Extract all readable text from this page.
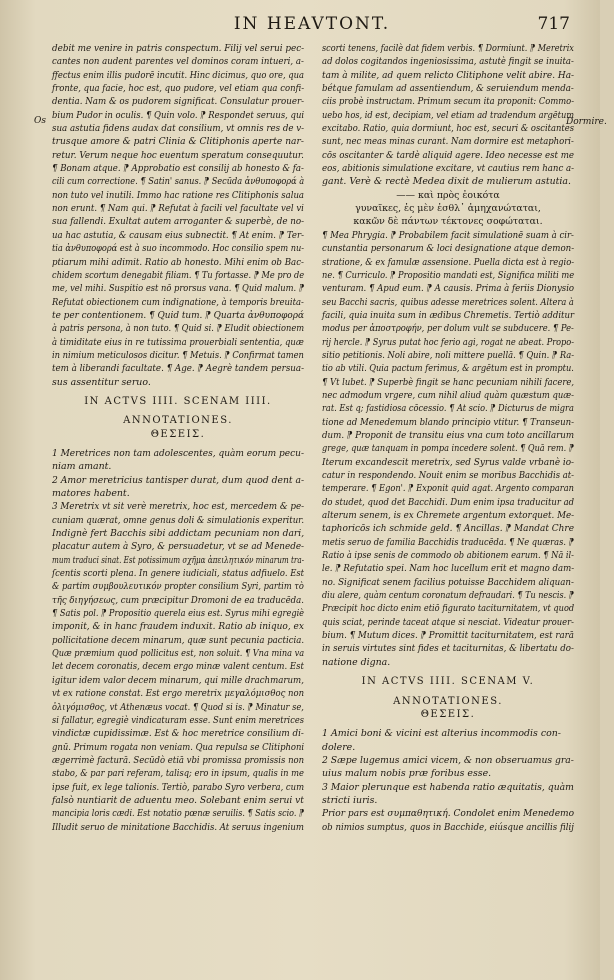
IN HEAVTONT.	717
Os	Dormire.
debit me venire in patris conspectum. Filij vel serui pec-
cantes non audent parentes vel dominos coram intueri, a-
ffectus enim illis pudorē incutit. Hinc dicimus, quo ore, qua
fronte, qua facie, hoc est, quo pudore, vel etiam qua confi-
dentia. Nam & os pudorem significat. Consulatur prouer-
bium Pudor in oculis. ¶ Quin volo. ⁋ Respondet seruus, qui
sua astutia fidens audax dat consilium, vt omnis res de v-
trusque amore & patri Clinia & Clitiphonis aperte nar-
retur. Verum neque hoc euentum speratum consequutur.
¶ Bonam atque. ⁋ Approbatio est consilij ab honesto & fa-
cili cum correctione. ¶ Satin' sanus. ⁋ Secūda ἀνθυποφορά à
non tuto vel inutili. Immo hac ratione res Clitiphonis salua
non erunt. ¶ Nam qui. ⁋ Refutat à facili vel facultate vel vi
sua fallendi. Exultat autem arroganter & superbè, de no-
ua hac astutia, & causam eius subnectit. ¶ At enim. ⁋ Ter-
tia ἀνθυποφορά est à suo incommodo. Hoc consilio spem nu-
ptiarum mihi adimit. Ratio ab honesto. Mihi enim ob Bac-
chidem scortum denegabit filiam. ¶ Tu fortasse. ⁋ Me pro de
me, vel mihi. Suspitio est nō prorsus vana. ¶ Quid malum. ⁋
Refutat obiectionem cum indignatione, à temporis breuita-
te per contentionem. ¶ Quid tum. ⁋ Quarta ἀνθυποφορά
à patris persona, à non tuto. ¶ Quid si. ⁋ Eludit obiectionem
à timiditate eius in re tutissima prouerbiali sententia, quæ
in nimium meticulosos dicitur. ¶ Metuis. ⁋ Confirmat tamen
tem à liberandi facultate. ¶ Age. ⁋ Aegrè tandem persua-
sus assentitur seruo.
IN ACTVS IIII. SCENAM IIII.
ANNOTATIONES.
ΘΕΣΕΙΣ.
1 Meretrices non tam adolescentes, quàm eorum pecu-
niam amant.
2 Amor meretricius tantisper durat, dum quod dent a-
matores habent.
3 Meretrix vt sit verè meretrix, hoc est, mercedem & pe-
cuniam quærat, omne genus doli & simulationis experitur.
Indignè fert Bacchis sibi addictam pecuniam non dari,
placatur autem à Syro, & persuadetur, vt se ad Menede-
mum traduci sinat. Est potissimum σχῆμα ἀπειλητικόν minarum tra-
ſcentis scorti plena. In genere iudiciali, status adfiuelo. Est
& partim συμβουλευτικόν propter consilium Syri, partim τὸ
τῆς διηγήσεως, cum præcipitur Dromoni de ea traducēda.
¶ Satis pol. ⁋ Propositio querela eius est. Syrus mihi egregiè
imponit, & in hanc fraudem induxit. Ratio ab iniquo, ex
pollicitatione decem minarum, quæ sunt pecunia pacticia.
Quæ præmium quod pollicitus est, non soluit. ¶ Vna mina va
let decem coronatis, decem ergo minæ valent centum. Est
igitur idem valor decem minarum, qui mille drachmarum,
vt ex ratione constat. Est ergo meretrix μεγαλόμισθος non
ὀλιγόμισθος, vt Athenæus vocat. ¶ Quod si is. ⁋ Minatur se,
si fallatur, egregiè vindicaturam esse. Sunt enim meretrices
vindictæ cupidissimæ. Est & hoc meretrice consilium di-
gnū. Primum rogata non veniam. Qua repulsa se Clitiphoni
ægerrimè facturā. Secūdò etiā vbi promissa promissis non
stabo, & par pari referam, talisq; ero in ipsum, qualis in me
ipse fuit, ex lege talionis. Tertiò, parabo Syro verbera, cum
falsò nuntiarit de aduentu meo. Solebant enim serui vt
mancipia loris cædi. Est notatio pœnæ seruilis. ¶ Satis scio. ⁋
Illudit seruo de minitatione Bacchidis. At seruus ingenium
scorti tenens, facilè dat fidem verbis. ¶ Dormiunt. ⁋ Meretrix
ad dolos cogitandos ingeniosissima, astutè fingit se inuita-
tam à milite, ad quem relicto Clitiphone velit abire. Ha-
bétque famulam ad assentiendum, & seruiendum menda-
ciis probè instructam. Primum secum ita proponit: Commo-
uebo hos, id est, decipiam, vel etiam ad tradendum argētum
excitabo. Ratio, quia dormiunt, hoc est, securi & oscitantes
sunt, nec meas minas curant. Nam dormire est metaphori-
cōs oscitanter & tardè aliquid agere. Ideo necesse est me
eos, abitionis simulatione excitare, vt cautius rem hanc a-
gant. Verè & rectè Medea dixit de mulierum astutia.
—— καὶ πρὸς ἐοικότα
γυναῖκες, ἐς μὲν ἐσθλ᾽ ἀμηχανώταται,
κακῶν δὲ πάντων τέκτονες σοφώταται.
¶ Mea Phrygia. ⁋ Probabilem facit simulationē suam à cir-
cunstantia personarum & loci designatione atque demon-
stratione, & ex famulæ assensione. Puella dicta est à regio-
ne. ¶ Curriculo. ⁋ Propositio mandati est, Significa militi me
venturam. ¶ Apud eum. ⁋ A causis. Prima à feriis Dionysio
seu Bacchi sacris, quibus adesse meretrices solent. Altera à
facili, quia inuita sum in ædibus Chremetis. Tertiò additur
modus per ἀποστροφήν, per dolum vult se subducere. ¶ Pe-
rij hercle. ⁋ Syrus putat hoc ferio agi, rogat ne abeat. Propo-
sitio petitionis. Noli abire, noli mittere puellā. ¶ Quin. ⁋ Ra-
tio ab vtili. Quia pactum ferimus, & argētum est in promptu.
¶ Vt lubet. ⁋ Superbè fingit se hanc pecuniam nihili facere,
nec admodum vrgere, cum nihil aliud quàm quæstum quæ-
rat. Est q; fastidiosa cōcessio. ¶ At scio. ⁋ Dicturus de migra
tione ad Menedemum blando principio vtitur. ¶ Transeun-
dum. ⁋ Proponit de transitu eius vna cum toto ancillarum
grege, quæ tanquam in pompa incedere solent. ¶ Quā rem. ⁋
Iterum excandescit meretrix, sed Syrus valde vrbanè io-
catur in respondendo. Nouit enim se moribus Bacchidis at-
temperare. ¶ Egon'. ⁋ Exponit quid agat. Argento comparan
do studet, quod det Bacchidi. Dum enim ipsa traducitur ad
alterum senem, is ex Chremete argentum extorquet. Me-
taphoricōs ich schmide geld. ¶ Ancillas. ⁋ Mandat Chre
metis seruo de familia Bacchidis traducēda. ¶ Ne quæras. ⁋
Ratio à ipse senis de commodo ob abitionem earum. ¶ Nā il-
le. ⁋ Refutatio spei. Nam hoc lucellum erit et magno dam-
no. Significat senem facilius potuisse Bacchidem aliquan-
diu alere, quàm centum coronatum defraudari. ¶ Tu nescis. ⁋
Præcipit hoc dicto enim etiō figurato taciturnitatem, vt quod
quis sciat, perinde taceat atque si nesciat. Videatur prouer-
bium. ¶ Mutum dices. ⁋ Promittit taciturnitatem, est rarā
in seruis virtutes sint fides et taciturnitas, & libertatu do-
natione digna.
IN ACTVS IIII. SCENAM V.
ANNOTATIONES.
ΘΕΣΕΙΣ.
1 Amici boni & vicini est alterius incommodis con-
dolere.
2 Sæpe lugemus amici vicem, & non obseruamus gra-
uius malum nobis præ foribus esse.
3 Maior plerunque est habenda ratio æquitatis, quàm
stricti iuris.
Prior pars est συμπαθητική. Condolet enim Menedemo
ob nimios sumptus, quos in Bacchide, eiúsque ancillis filij
